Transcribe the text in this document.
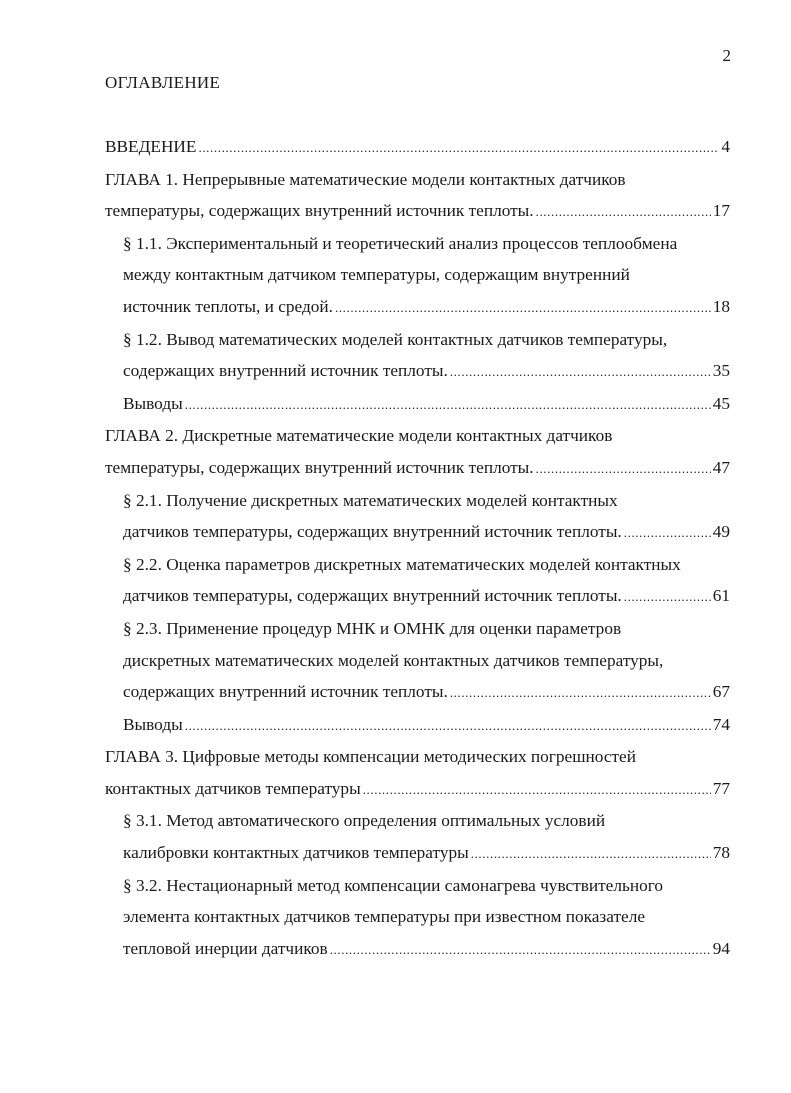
2
ОГЛАВЛЕНИЕ
ВВЕДЕНИЕ .....	4
ГЛАВА 1. Непрерывные математические модели контактных датчиков
температуры, содержащих внутренний источник теплоты. .....	17
§ 1.1. Экспериментальный и теоретический анализ процессов теплообмена
между контактным датчиком температуры, содержащим внутренний
источник теплоты, и средой. .....	18
§ 1.2. Вывод математических моделей контактных датчиков температуры,
содержащих внутренний источник теплоты. .....	35
Выводы .....	45
ГЛАВА 2. Дискретные математические модели контактных датчиков
температуры, содержащих внутренний источник теплоты. .....	47
§ 2.1. Получение дискретных математических моделей контактных
датчиков температуры, содержащих внутренний источник теплоты. .....	49
§ 2.2. Оценка параметров дискретных математических моделей контактных
датчиков температуры, содержащих внутренний источник теплоты. .....	61
§ 2.3. Применение процедур МНК и ОМНК для оценки параметров
дискретных математических моделей контактных датчиков температуры,
содержащих внутренний источник теплоты. .....	67
Выводы .....	74
ГЛАВА 3. Цифровые методы компенсации методических погрешностей
контактных датчиков температуры .....	77
§ 3.1. Метод автоматического определения оптимальных условий
калибровки контактных датчиков температуры .....	78
§ 3.2. Нестационарный метод компенсации самонагрева чувствительного
элемента контактных датчиков температуры при известном показателе
тепловой инерции датчиков .....	94
